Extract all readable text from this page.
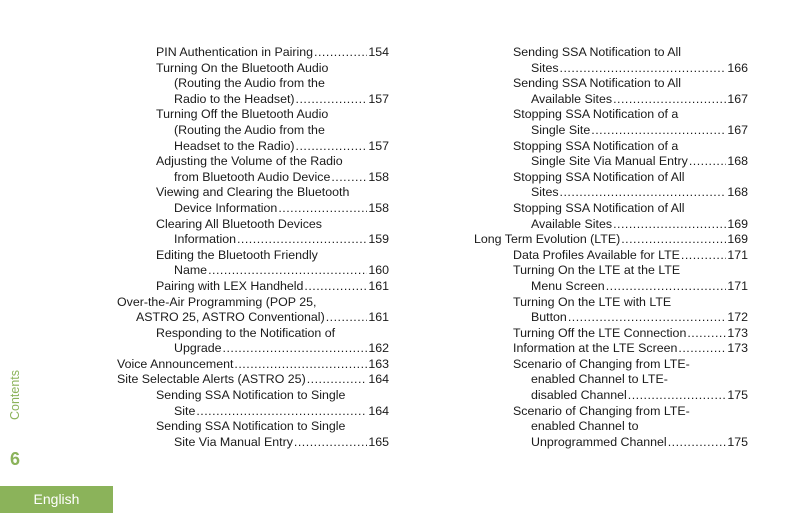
PIN Authentication in Pairing .....	154
Turning On the Bluetooth Audio
(Routing the Audio from the
Radio to the Headset) .....	157
Turning Off the Bluetooth Audio
(Routing the Audio from the
Headset to the Radio) .....	157
Adjusting the Volume of the Radio
from Bluetooth Audio Device .....	158
Viewing and Clearing the Bluetooth
Device Information .....	158
Clearing All Bluetooth Devices
Information .....	159
Editing the Bluetooth Friendly
Name .....	160
Pairing with LEX Handheld .....	161
Over-the-Air Programming (POP 25,
ASTRO 25, ASTRO Conventional) .....	161
Responding to the Notification of
Upgrade .....	162
Voice Announcement .....	163
Site Selectable Alerts (ASTRO 25) .....	164
Sending SSA Notification to Single
Site .....	164
Sending SSA Notification to Single
Site Via Manual Entry .....	165
Sending SSA Notification to All
Sites .....	166
Sending SSA Notification to All
Available Sites .....	167
Stopping SSA Notification of a
Single Site .....	167
Stopping SSA Notification of a
Single Site Via Manual Entry .....	168
Stopping SSA Notification of All
Sites .....	168
Stopping SSA Notification of All
Available Sites .....	169
Long Term Evolution (LTE) .....	169
Data Profiles Available for LTE .....	171
Turning On the LTE at the LTE
Menu Screen .....	171
Turning On the LTE with LTE
Button .....	172
Turning Off the LTE Connection .....	173
Information at the LTE Screen .....	173
Scenario of Changing from LTE-
enabled Channel to LTE-
disabled Channel .....	175
Scenario of Changing from LTE-
enabled Channel to
Unprogrammed Channel .....	175
Contents
6
English
